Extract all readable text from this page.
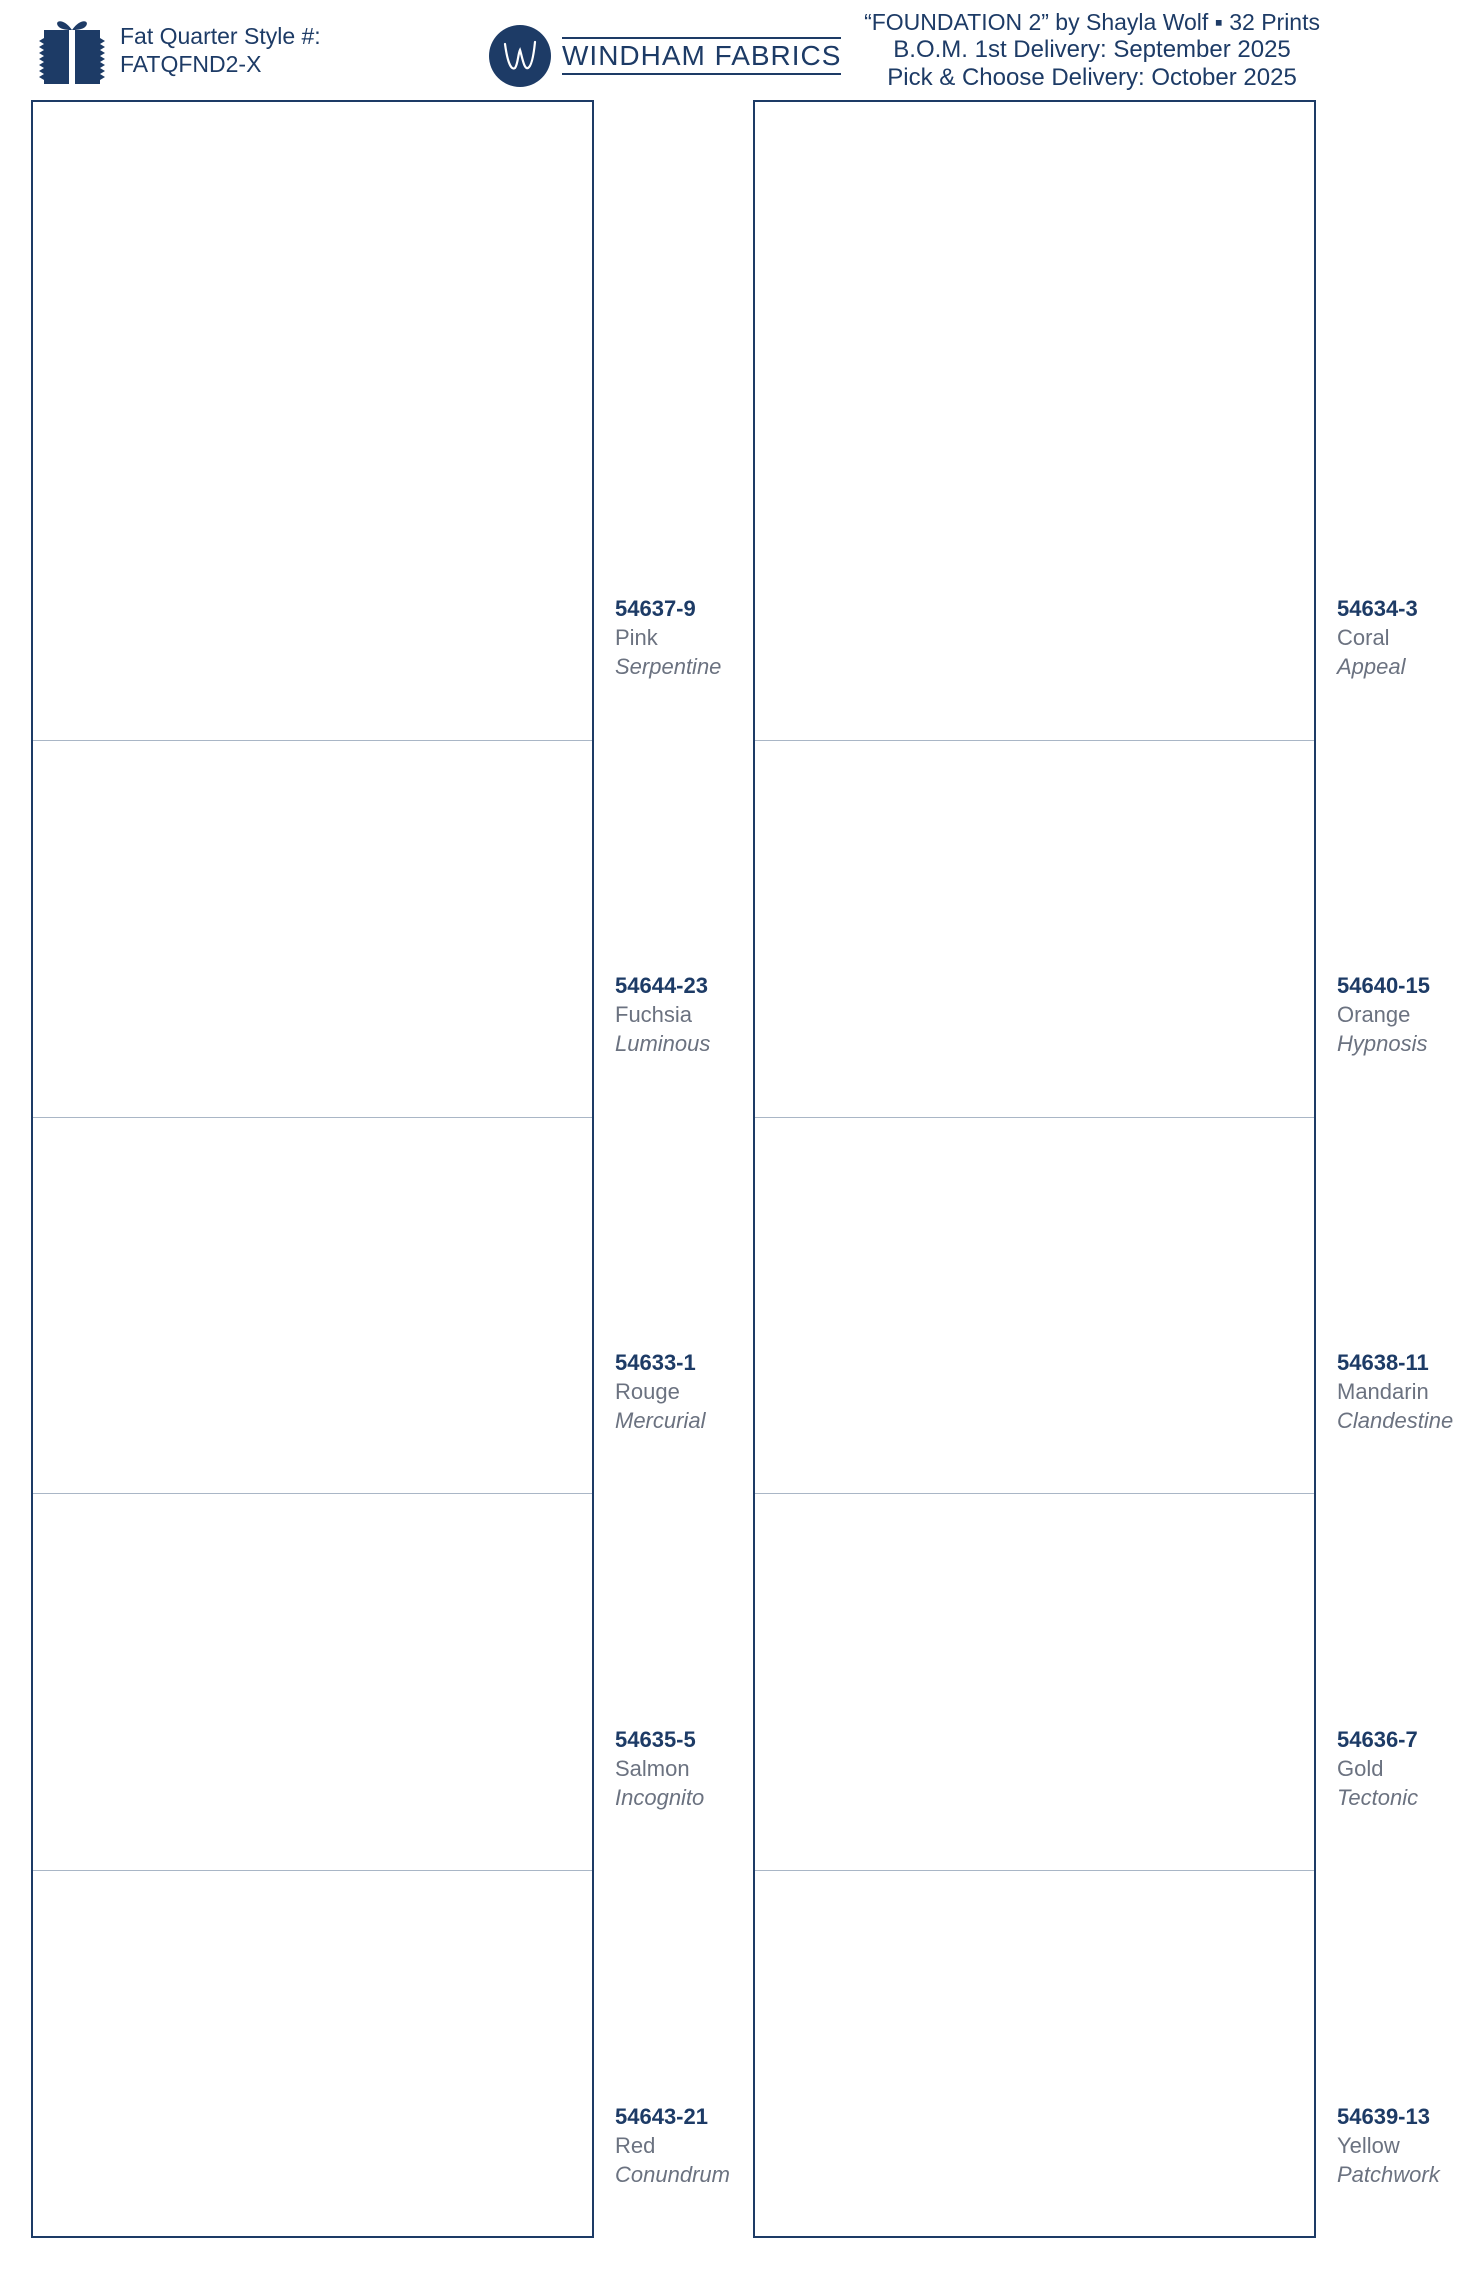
Fat Quarter Style #:
FATQFND2-X	WINDHAM FABRICS
“FOUNDATION 2” by Shayla Wolf ▪ 32 Prints
B.O.M. 1st Delivery: September 2025
Pick & Choose Delivery: October 2025
54637-9
Pink
Serpentine
54644-23
Fuchsia
Luminous
54633-1
Rouge
Mercurial
54635-5
Salmon
Incognito
54643-21
Red
Conundrum
54634-3
Coral
Appeal
54640-15
Orange
Hypnosis
54638-11
Mandarin
Clandestine
54636-7
Gold
Tectonic
54639-13
Yellow
Patchwork
